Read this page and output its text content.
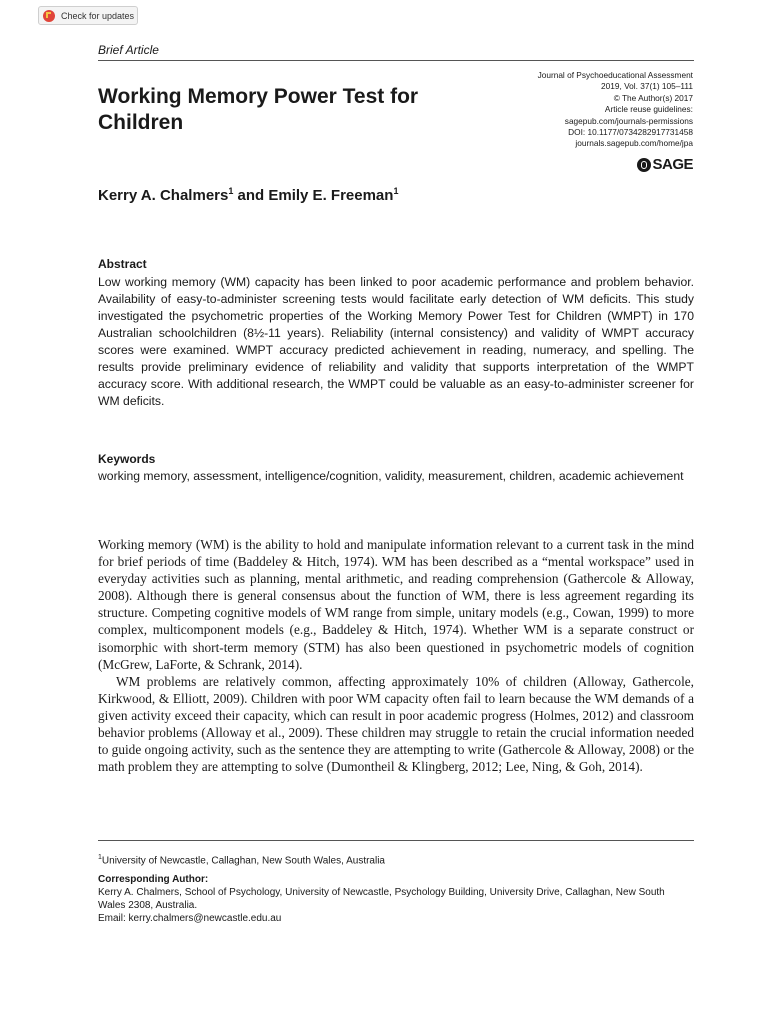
Check for updates
Brief Article
Working Memory Power Test for Children
Journal of Psychoeducational Assessment
2019, Vol. 37(1) 105–111
© The Author(s) 2017
Article reuse guidelines:
sagepub.com/journals-permissions
DOI: 10.1177/0734282917731458
journals.sagepub.com/home/jpa
SAGE
Kerry A. Chalmers$^1$ and Emily E. Freeman$^1$
Abstract

Low working memory (WM) capacity has been linked to poor academic performance and problem behavior. Availability of easy-to-administer screening tests would facilitate early detection of WM deficits. This study investigated the psychometric properties of the Working Memory Power Test for Children (WMPT) in 170 Australian schoolchildren (8½-11 years). Reliability (internal consistency) and validity of WMPT accuracy scores were examined. WMPT accuracy predicted achievement in reading, numeracy, and spelling. The results provide preliminary evidence of reliability and validity that supports interpretation of the WMPT accuracy score. With additional research, the WMPT could be valuable as an easy-to-administer screener for WM deficits.

Keywords

working memory, assessment, intelligence/cognition, validity, measurement, children, academic achievement

Working memory (WM) is the ability to hold and manipulate information relevant to a current task in the mind for brief periods of time (Baddeley & Hitch, 1974). WM has been described as a “mental workspace” used in everyday activities such as planning, mental arithmetic, and reading comprehension (Gathercole & Alloway, 2008). Although there is general consensus about the function of WM, there is less agreement regarding its structure. Competing cognitive models of WM range from simple, unitary models (e.g., Cowan, 1999) to more complex, multicomponent models (e.g., Baddeley & Hitch, 1974). Whether WM is a separate construct or isomorphic with short-term memory (STM) has also been questioned in psychometric models of cognition (McGrew, LaForte, & Schrank, 2014).

WM problems are relatively common, affecting approximately 10% of children (Alloway, Gathercole, Kirkwood, & Elliott, 2009). Children with poor WM capacity often fail to learn because the WM demands of a given activity exceed their capacity, which can result in poor academic progress (Holmes, 2012) and classroom behavior problems (Alloway et al., 2009). These children may struggle to retain the crucial information needed to guide ongoing activity, such as the sentence they are attempting to write (Gathercole & Alloway, 2008) or the math problem they are attempting to solve (Dumontheil & Klingberg, 2012; Lee, Ning, & Goh, 2014).

$^1$University of Newcastle, Callaghan, New South Wales, Australia
Corresponding Author:
Kerry A. Chalmers, School of Psychology, University of Newcastle, Psychology Building, University Drive, Callaghan, New South Wales 2308, Australia.
Email: kerry.chalmers@newcastle.edu.au
